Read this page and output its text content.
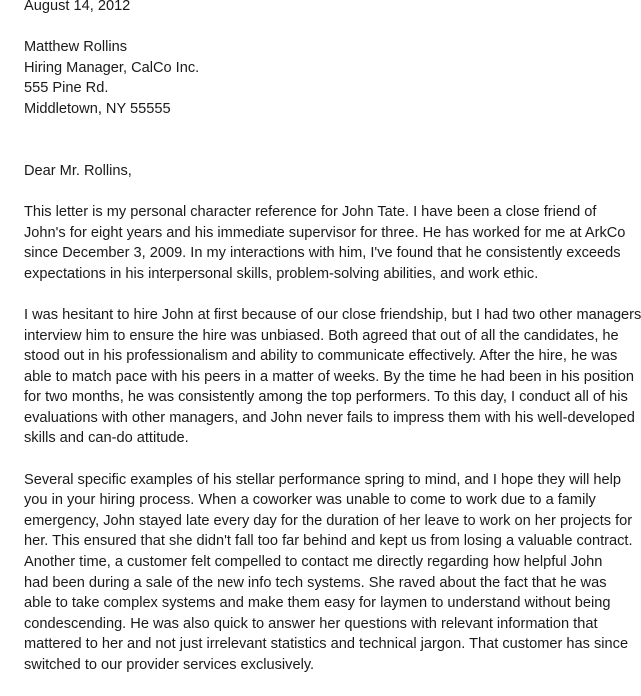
August 14, 2012

Matthew Rollins

Hiring Manager, CalCo Inc.

555 Pine Rd.

Middletown, NY 55555

Dear Mr. Rollins,

This letter is my personal character reference for John Tate. I have been a close friend of

John's for eight years and his immediate supervisor for three. He has worked for me at ArkCo

since December 3, 2009. In my interactions with him, I've found that he consistently exceeds

expectations in his interpersonal skills, problem-solving abilities, and work ethic.

I was hesitant to hire John at first because of our close friendship, but I had two other managers

interview him to ensure the hire was unbiased. Both agreed that out of all the candidates, he

stood out in his professionalism and ability to communicate effectively. After the hire, he was

able to match pace with his peers in a matter of weeks. By the time he had been in his position

for two months, he was consistently among the top performers. To this day, I conduct all of his

evaluations with other managers, and John never fails to impress them with his well-developed

skills and can-do attitude.

Several specific examples of his stellar performance spring to mind, and I hope they will help

you in your hiring process. When a coworker was unable to come to work due to a family

emergency, John stayed late every day for the duration of her leave to work on her projects for

her. This ensured that she didn't fall too far behind and kept us from losing a valuable contract.

Another time, a customer felt compelled to contact me directly regarding how helpful John

had been during a sale of the new info tech systems. She raved about the fact that he was

able to take complex systems and make them easy for laymen to understand without being

condescending. He was also quick to answer her questions with relevant information that

mattered to her and not just irrelevant statistics and technical jargon. That customer has since

switched to our provider services exclusively.
